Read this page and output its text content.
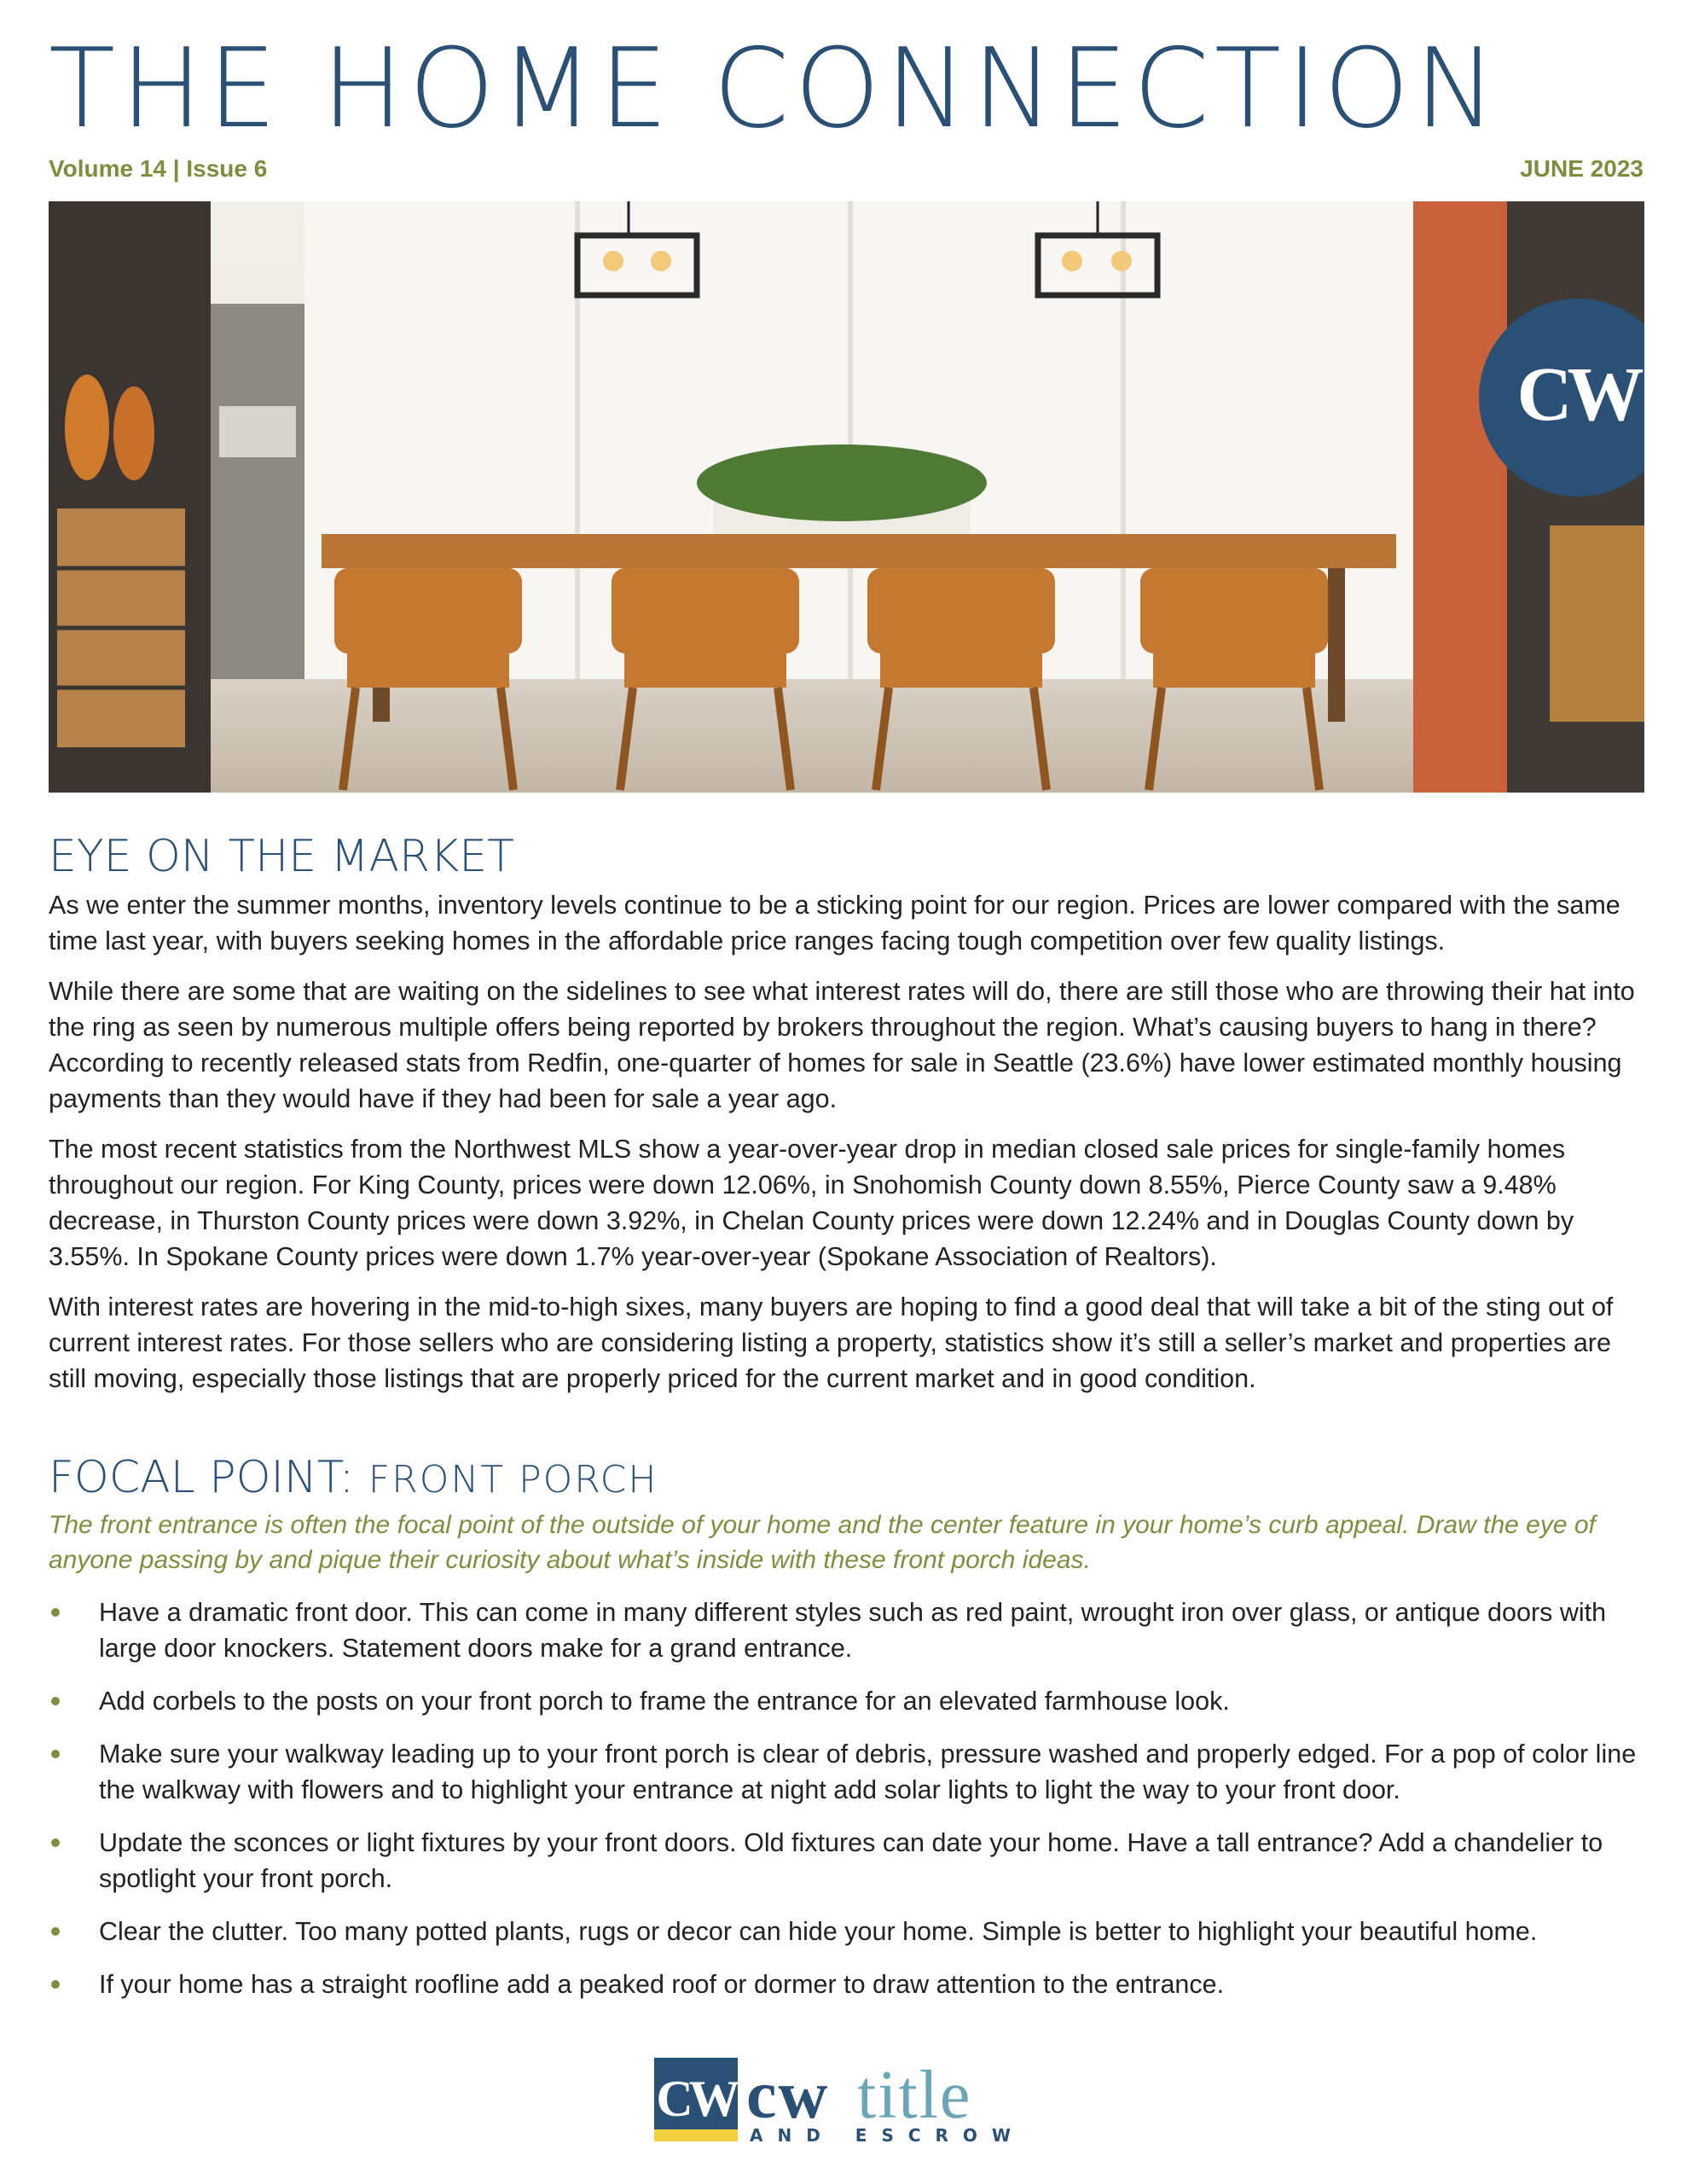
THE HOME CONNECTION
Volume 14 | Issue 6	JUNE 2023
CW
EYE ON THE MARKET

As we enter the summer months, inventory levels continue to be a sticking point for our region. Prices are lower compared with the same time last year, with buyers seeking homes in the affordable price ranges facing tough competition over few quality listings.

While there are some that are waiting on the sidelines to see what interest rates will do, there are still those who are throwing their hat into the ring as seen by numerous multiple offers being reported by brokers throughout the region. What’s causing buyers to hang in there? According to recently released stats from Redfin, one-quarter of homes for sale in Seattle (23.6%) have lower estimated monthly housing payments than they would have if they had been for sale a year ago.

The most recent statistics from the Northwest MLS show a year-over-year drop in median closed sale prices for single-family homes throughout our region. For King County, prices were down 12.06%, in Snohomish County down 8.55%, Pierce County saw a 9.48% decrease, in Thurston County prices were down 3.92%, in Chelan County prices were down 12.24% and in Douglas County down by 3.55%. In Spokane County prices were down 1.7% year-over-year (Spokane Association of Realtors).

With interest rates are hovering in the mid-to-high sixes, many buyers are hoping to find a good deal that will take a bit of the sting out of current interest rates. For those sellers who are considering listing a property, statistics show it’s still a seller’s market and properties are still moving, especially those listings that are properly priced for the current market and in good condition.

FOCAL POINT: FRONT PORCH

The front entrance is often the focal point of the outside of your home and the center feature in your home’s curb appeal. Draw the eye of anyone passing by and pique their curiosity about what’s inside with these front porch ideas.

Have a dramatic front door. This can come in many different styles such as red paint, wrought iron over glass, or antique doors with large door knockers. Statement doors make for a grand entrance.
Add corbels to the posts on your front porch to frame the entrance for an elevated farmhouse look.
Make sure your walkway leading up to your front porch is clear of debris, pressure washed and properly edged. For a pop of color line the walkway with flowers and to highlight your entrance at night add solar lights to light the way to your front door.
Update the sconces or light fixtures by your front doors. Old fixtures can date your home. Have a tall entrance? Add a chandelier to spotlight your front porch.
Clear the clutter. Too many potted plants, rugs or decor can hide your home. Simple is better to highlight your beautiful home.
If your home has a straight roofline add a peaked roof or dormer to draw attention to the entrance.
CW cw title
AND ESCROW
